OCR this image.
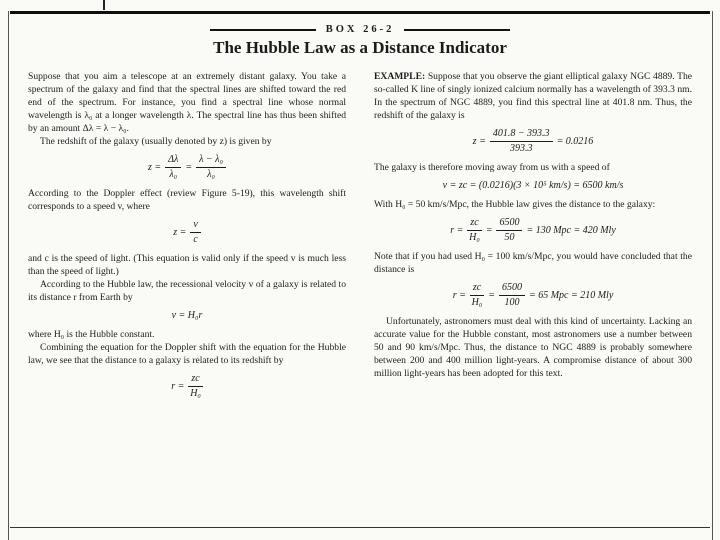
BOX 26-2
The Hubble Law as a Distance Indicator

Suppose that you aim a telescope at an extremely distant galaxy. You take a spectrum of the galaxy and find that the spectral lines are shifted toward the red end of the spectrum. For instance, you find a spectral line whose normal wavelength is λ₀ at a longer wavelength λ. The spectral line has thus been shifted by an amount Δλ = λ − λ₀.

The redshift of the galaxy (usually denoted by z) is given by

$z = \frac{\Delta\lambda}{\text{λ₀}} = \frac{\text{λ − λ₀}}{\text{λ₀}}$

According to the Doppler effect (review Figure 5-19), this wavelength shift corresponds to a speed v, where

$z = \frac{v}{c}$

and c is the speed of light. (This equation is valid only if the speed v is much less than the speed of light.)

According to the Hubble law, the recessional velocity v of a galaxy is related to its distance r from Earth by

v = H₀r

where H₀ is the Hubble constant.

Combining the equation for the Doppler shift with the equation for the Hubble law, we see that the distance to a galaxy is related to its redshift by

$r = \frac{zc}{\text{H₀}}$

EXAMPLE: Suppose that you observe the giant elliptical galaxy NGC 4889. The so-called K line of singly ionized calcium normally has a wavelength of 393.3 nm. In the spectrum of NGC 4889, you find this spectral line at 401.8 nm. Thus, the redshift of the galaxy is

$z = \frac{401.8 - 393.3}{393.3} = 0.0216$

The galaxy is therefore moving away from us with a speed of

v = zc = (0.0216)(3 × 10⁵ km/s) = 6500 km/s

With H₀ = 50 km/s/Mpc, the Hubble law gives the distance to the galaxy:

$r = \frac{zc}{\text{H₀}} = \frac{6500}{50} = 130$ Mpc = 420 Mly

Note that if you had used H₀ = 100 km/s/Mpc, you would have concluded that the distance is

$r = \frac{zc}{\text{H₀}} = \frac{6500}{100} = 65$ Mpc = 210 Mly

Unfortunately, astronomers must deal with this kind of uncertainty. Lacking an accurate value for the Hubble constant, most astronomers use a number between 50 and 90 km/s/Mpc. Thus, the distance to NGC 4889 is probably somewhere between 200 and 400 million light-years. A compromise distance of about 300 million light-years has been adopted for this text.
